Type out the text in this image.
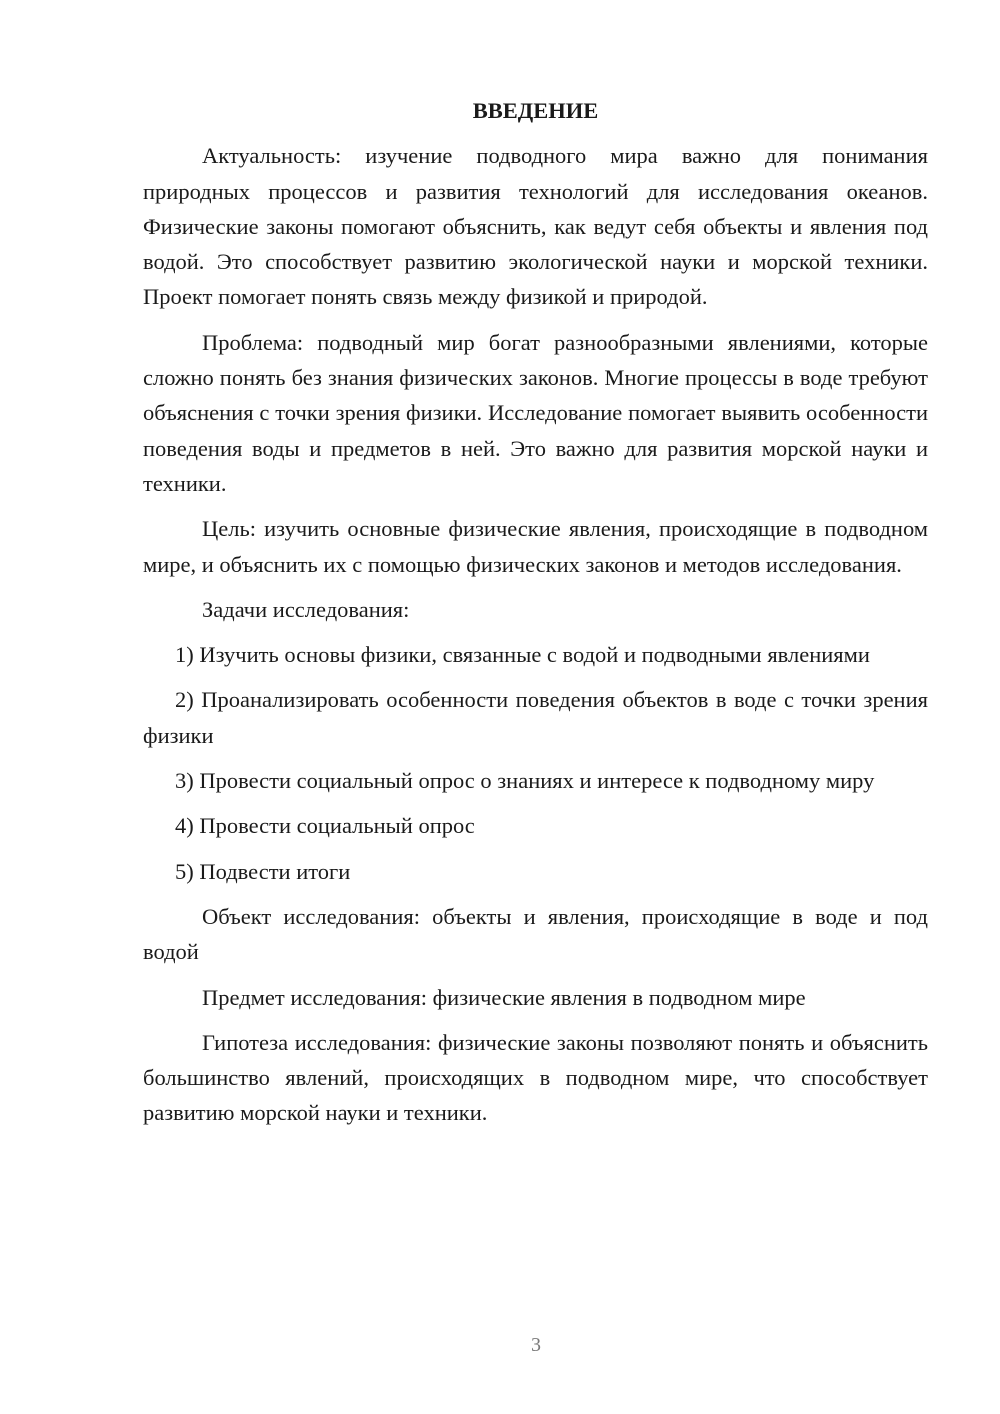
ВВЕДЕНИЕ

Актуальность: изучение подводного мира важно для понимания природных процессов и развития технологий для исследования океанов. Физические законы помогают объяснить, как ведут себя объекты и явления под водой. Это способствует развитию экологической науки и морской техники. Проект помогает понять связь между физикой и природой.

Проблема: подводный мир богат разнообразными явлениями, которые сложно понять без знания физических законов. Многие процессы в воде требуют объяснения с точки зрения физики. Исследование помогает выявить особенности поведения воды и предметов в ней. Это важно для развития морской науки и техники.

Цель: изучить основные физические явления, происходящие в подводном мире, и объяснить их с помощью физических законов и методов исследования.

Задачи исследования:

1) Изучить основы физики, связанные с водой и подводными явлениями

2) Проанализировать особенности поведения объектов в воде с точки зрения физики

3) Провести социальный опрос о знаниях и интересе к подводному миру

4) Провести социальный опрос

5) Подвести итоги

Объект исследования: объекты и явления, происходящие в воде и под водой

Предмет исследования: физические явления в подводном мире

Гипотеза исследования: физические законы позволяют понять и объяснить большинство явлений, происходящих в подводном мире, что способствует развитию морской науки и техники.

3
